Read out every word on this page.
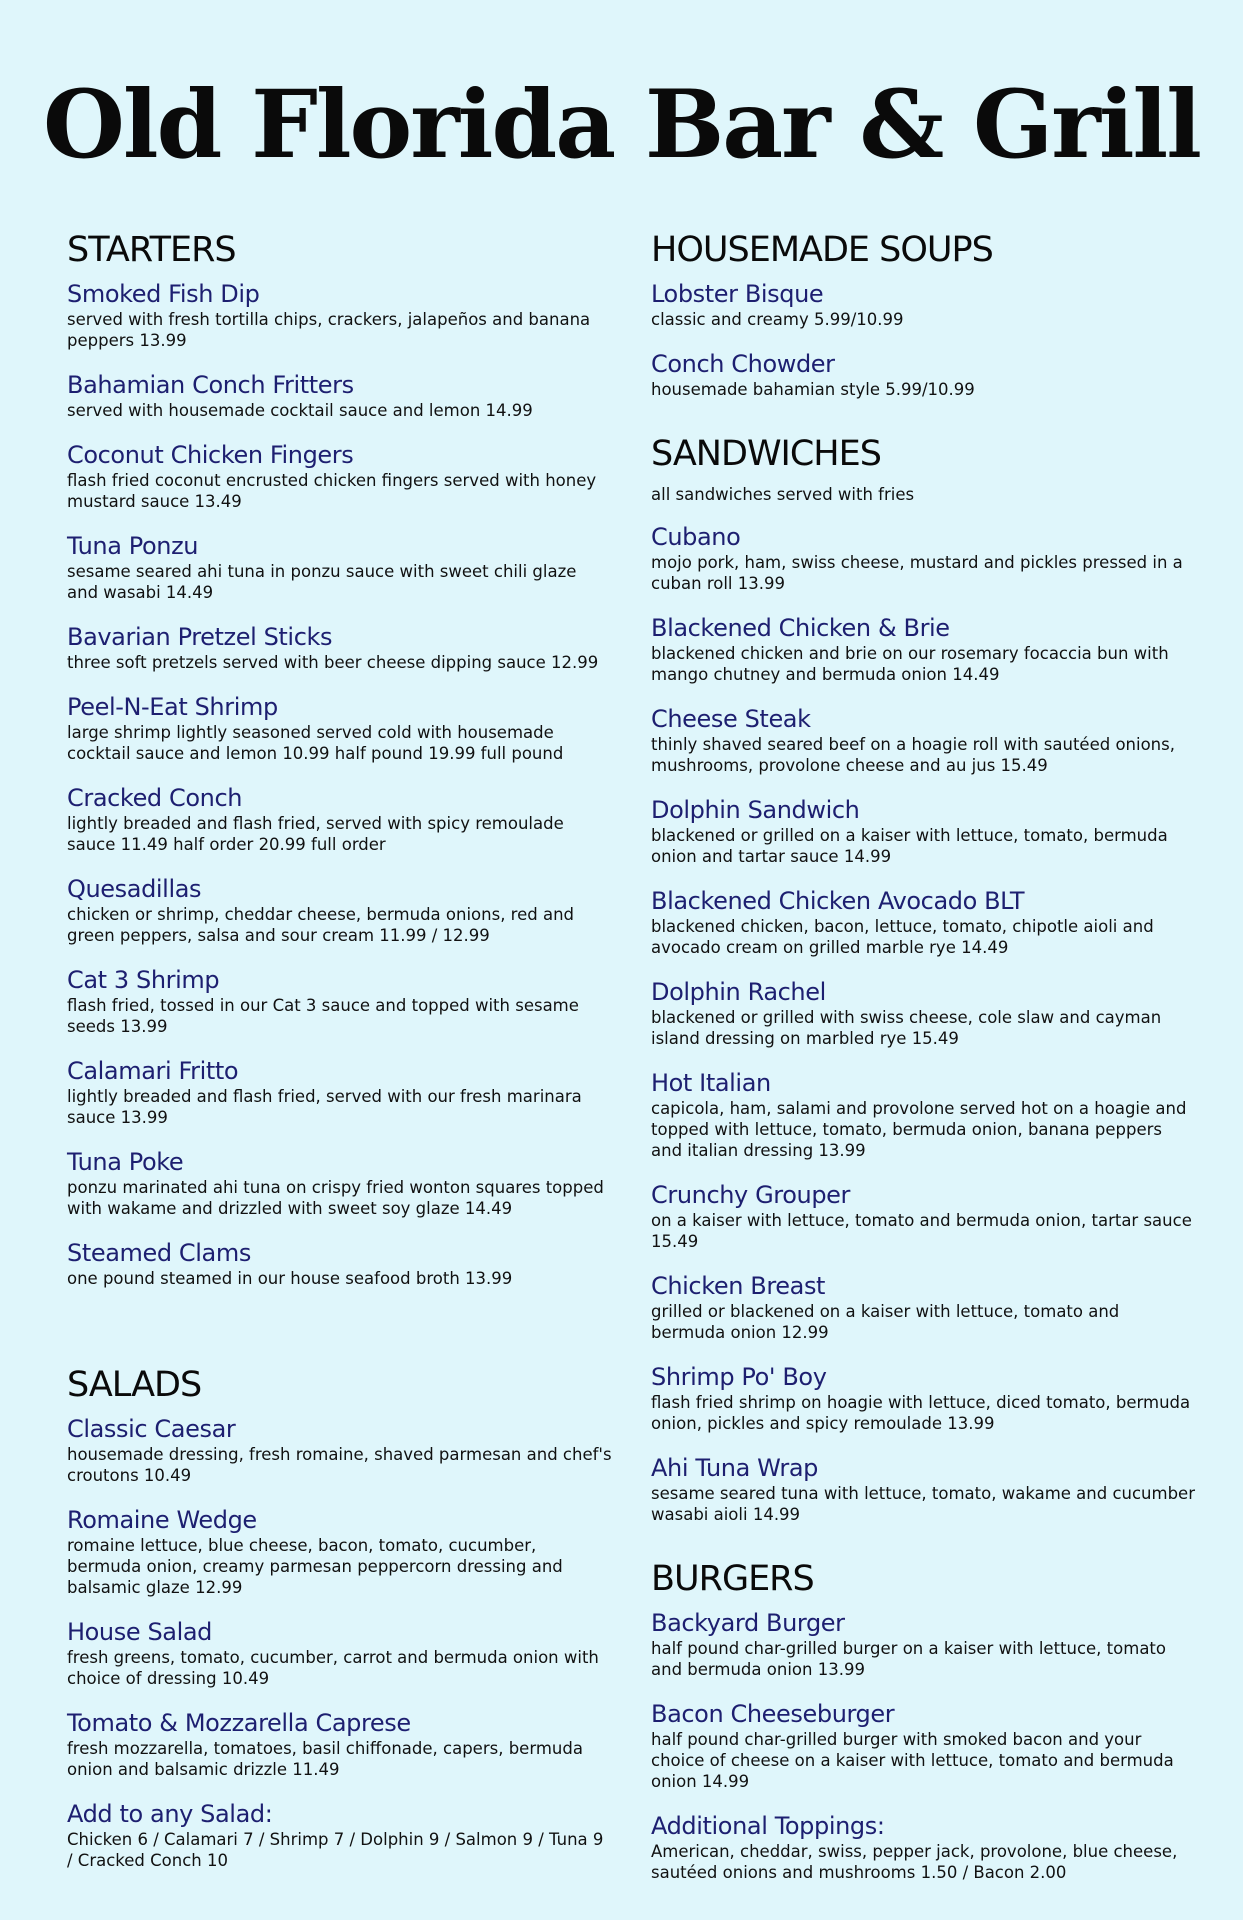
Old Florida Bar & Grill
STARTERS
Smoked Fish Dip
served with fresh tortilla chips, crackers, jalapeños and banana peppers 13.99
Bahamian Conch Fritters
served with housemade cocktail sauce and lemon 14.99
Coconut Chicken Fingers
flash fried coconut encrusted chicken fingers served with honey mustard sauce 13.49
Tuna Ponzu
sesame seared ahi tuna in ponzu sauce with sweet chili glaze and wasabi 14.49
Bavarian Pretzel Sticks
three soft pretzels served with beer cheese dipping sauce 12.99
Peel-N-Eat Shrimp
large shrimp lightly seasoned served cold with housemade cocktail sauce and lemon 10.99 half pound 19.99 full pound
Cracked Conch
lightly breaded and flash fried, served with spicy remoulade sauce 11.49 half order 20.99 full order
Quesadillas
chicken or shrimp, cheddar cheese, bermuda onions, red and green peppers, salsa and sour cream 11.99 / 12.99
Cat 3 Shrimp
flash fried, tossed in our Cat 3 sauce and topped with sesame seeds 13.99
Calamari Fritto
lightly breaded and flash fried, served with our fresh marinara sauce 13.99
Tuna Poke
ponzu marinated ahi tuna on crispy fried wonton squares topped with wakame and drizzled with sweet soy glaze 14.49
Steamed Clams
one pound steamed in our house seafood broth 13.99
SALADS
Classic Caesar
housemade dressing, fresh romaine, shaved parmesan and chef's croutons 10.49
Romaine Wedge
romaine lettuce, blue cheese, bacon, tomato, cucumber, bermuda onion, creamy parmesan peppercorn dressing and balsamic glaze 12.99
House Salad
fresh greens, tomato, cucumber, carrot and bermuda onion with choice of dressing 10.49
Tomato & Mozzarella Caprese
fresh mozzarella, tomatoes, basil chiffonade, capers, bermuda onion and balsamic drizzle 11.49
Add to any Salad:
Chicken 6 / Calamari 7 / Shrimp 7 / Dolphin 9 / Salmon 9 / Tuna 9 / Cracked Conch 10
HOUSEMADE SOUPS
Lobster Bisque
classic and creamy 5.99/10.99
Conch Chowder
housemade bahamian style 5.99/10.99
SANDWICHES
all sandwiches served with fries
Cubano
mojo pork, ham, swiss cheese, mustard and pickles pressed in a cuban roll 13.99
Blackened Chicken & Brie
blackened chicken and brie on our rosemary focaccia bun with mango chutney and bermuda onion 14.49
Cheese Steak
thinly shaved seared beef on a hoagie roll with sautéed onions, mushrooms, provolone cheese and au jus 15.49
Dolphin Sandwich
blackened or grilled on a kaiser with lettuce, tomato, bermuda onion and tartar sauce 14.99
Blackened Chicken Avocado BLT
blackened chicken, bacon, lettuce, tomato, chipotle aioli and avocado cream on grilled marble rye 14.49
Dolphin Rachel
blackened or grilled with swiss cheese, cole slaw and cayman island dressing on marbled rye 15.49
Hot Italian
capicola, ham, salami and provolone served hot on a hoagie and topped with lettuce, tomato, bermuda onion, banana peppers and italian dressing 13.99
Crunchy Grouper
on a kaiser with lettuce, tomato and bermuda onion, tartar sauce 15.49
Chicken Breast
grilled or blackened on a kaiser with lettuce, tomato and bermuda onion 12.99
Shrimp Po' Boy
flash fried shrimp on hoagie with lettuce, diced tomato, bermuda onion, pickles and spicy remoulade 13.99
Ahi Tuna Wrap
sesame seared tuna with lettuce, tomato, wakame and cucumber wasabi aioli 14.99
BURGERS
Backyard Burger
half pound char-grilled burger on a kaiser with lettuce, tomato and bermuda onion 13.99
Bacon Cheeseburger
half pound char-grilled burger with smoked bacon and your choice of cheese on a kaiser with lettuce, tomato and bermuda onion 14.99
Additional Toppings:
American, cheddar, swiss, pepper jack, provolone, blue cheese, sautéed onions and mushrooms 1.50 / Bacon 2.00
